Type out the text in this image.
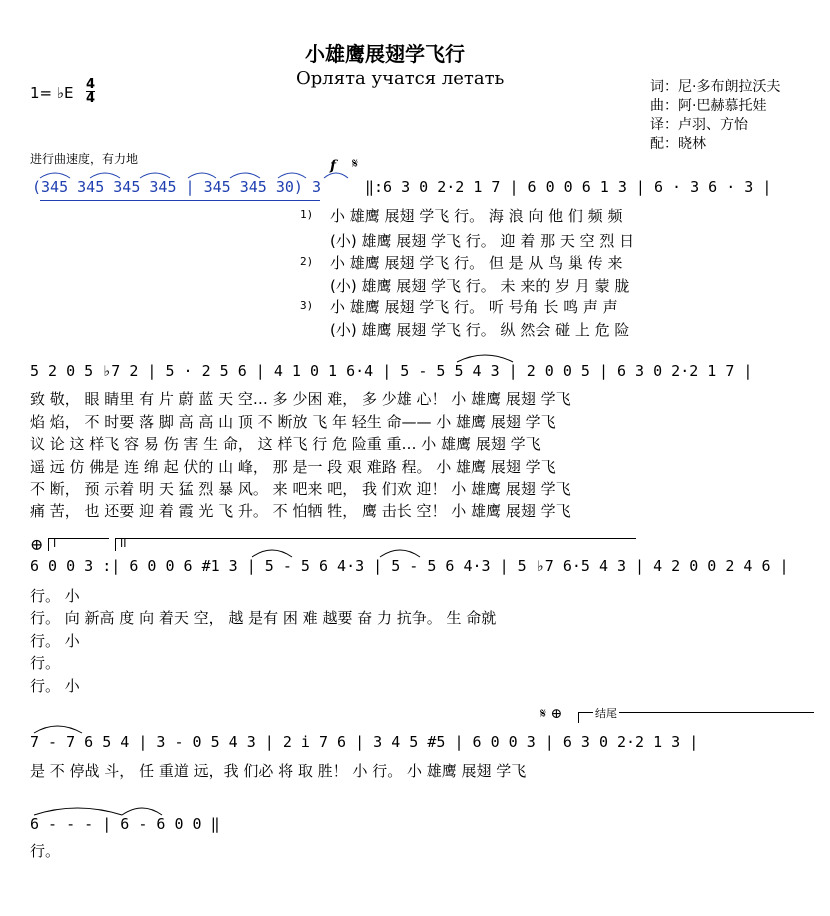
小雄鹰展翅学飞行
Орлята учатся летать
1= ♭E 4
4
词：尼·多布朗拉沃夫
曲：阿·巴赫慕托娃
译：卢羽、方怡
配：晓林
进行曲速度，有力地	f 𝄋
(345 345 345 345 | 345 345 30) 3	‖:6 3 0 2·2 1 7 | 6 0 0 6 1 3 | 6 · 3 6 · 3 |
1) 小 雄鹰 展翅 学飞 行。 海 浪 向 他 们 频 频
(小) 雄鹰 展翅 学飞 行。 迎 着 那 天 空 烈 日
2) 小 雄鹰 展翅 学飞 行。 但 是 从 鸟 巢 传 来
(小) 雄鹰 展翅 学飞 行。 未 来的 岁 月 蒙 胧
3) 小 雄鹰 展翅 学飞 行。 听 号角 长 鸣 声 声
(小) 雄鹰 展翅 学飞 行。 纵 然会 碰 上 危 险
5 2 0 5 ♭7 2 | 5 · 2 5 6 | 4 1 0 1 6·4 | 5 - 5 5 4 3 | 2 0 0 5 | 6 3 0 2·2 1 7 |
致 敬， 眼 睛里 有 片 蔚 蓝 天 空… 多 少困 难， 多 少雄 心！ 小 雄鹰 展翅 学飞
焰 焰， 不 时要 落 脚 高 高 山 顶 不 断放 飞 年 轻生 命—— 小 雄鹰 展翅 学飞
议 论 这 样飞 容 易 伤 害 生 命， 这 样飞 行 危 险重 重… 小 雄鹰 展翅 学飞
遥 远 仿 佛是 连 绵 起 伏的 山 峰， 那 是一 段 艰 难路 程。 小 雄鹰 展翅 学飞
不 断， 预 示着 明 天 猛 烈 暴 风。 来 吧来 吧， 我 们欢 迎！ 小 雄鹰 展翅 学飞
痛 苦， 也 还要 迎 着 霞 光 飞 升。 不 怕牺 牲， 鹰 击长 空！ 小 雄鹰 展翅 学飞
⊕ I	II
6 0 0 3 :| 6 0 0 6 #1 3 | 5 - 5 6 4·3 | 5 - 5 6 4·3 | 5 ♭7 6·5 4 3 | 4 2 0 0 2 4 6 |
行。 小
行。 向 新高 度 向 着天 空， 越 是有 困 难 越要 奋 力 抗争。 生 命就
行。 小
行。
行。 小
𝄋 ⊕	结尾
7 - 7 6 5 4 | 3 - 0 5 4 3 | 2 i 7 6 | 3 4 5 #5 | 6 0 0 3 | 6 3 0 2·2 1 3 |
是 不 停战 斗， 任 重道 远，我 们必 将 取 胜！ 小 行。 小 雄鹰 展翅 学飞
6 - - - | 6 - 6 0 0 ‖
行。
